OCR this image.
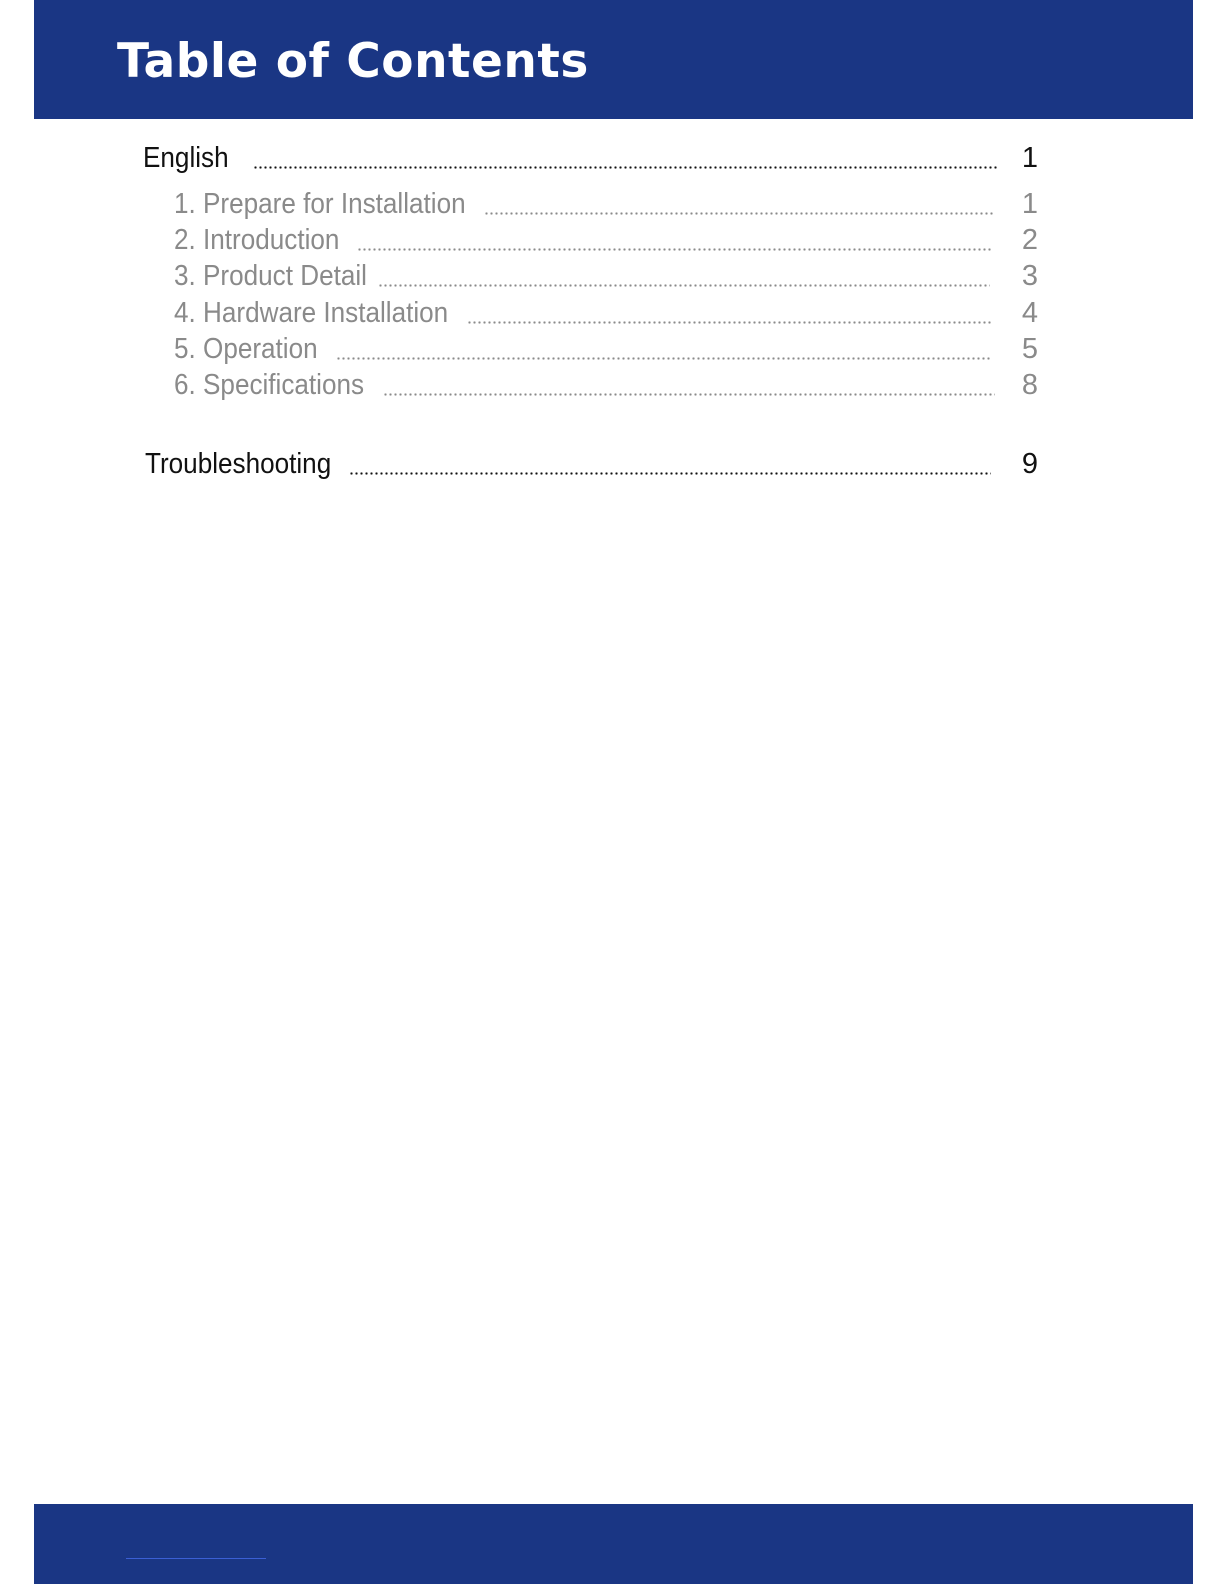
Table of Contents
English	1
1. Prepare for Installation	1
2. Introduction	2
3. Product Detail	3
4. Hardware Installation	4
5. Operation	5
6. Specifications	8
Troubleshooting	9
